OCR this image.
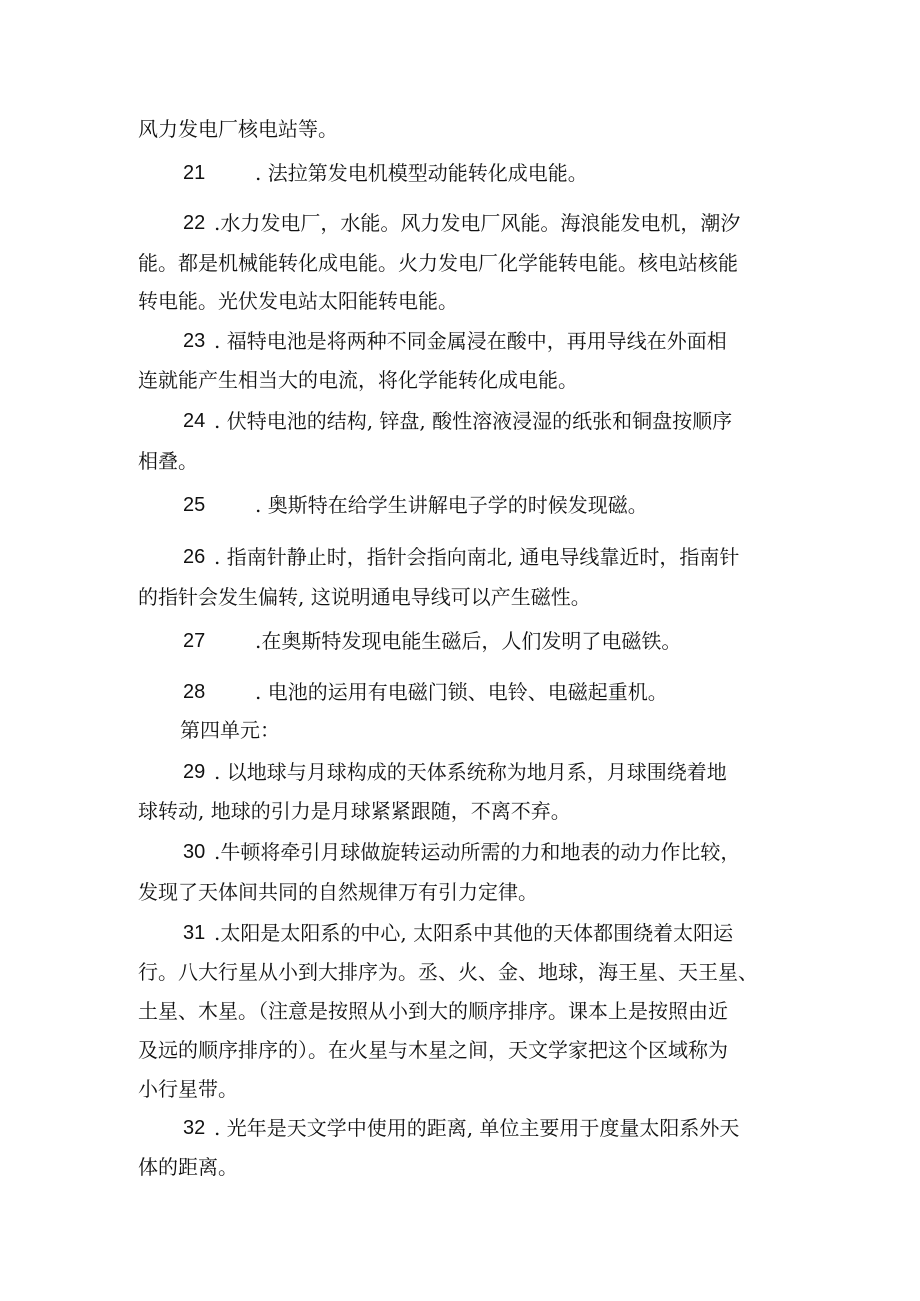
风力发电厂核电站等。
21 . 法拉第发电机模型动能转化成电能。
22 .水力发电厂，水能。风力发电厂风能。海浪能发电机，潮汐
能。都是机械能转化成电能。火力发电厂化学能转电能。核电站核能
转电能。光伏发电站太阳能转电能。
23 . 福特电池是将两种不同金属浸在酸中，再用导线在外面相
连就能产生相当大的电流，将化学能转化成电能。
24 . 伏特电池的结构, 锌盘, 酸性溶液浸湿的纸张和铜盘按顺序
相叠。
25 . 奥斯特在给学生讲解电子学的时候发现磁。
26 . 指南针静止时，指针会指向南北, 通电导线靠近时，指南针
的指针会发生偏转, 这说明通电导线可以产生磁性。
27 .在奥斯特发现电能生磁后，人们发明了电磁铁。
28 . 电池的运用有电磁门锁、电铃、电磁起重机。
第四单元：
29 . 以地球与月球构成的天体系统称为地月系，月球围绕着地
球转动, 地球的引力是月球紧紧跟随，不离不弃。
30 .牛顿将牵引月球做旋转运动所需的力和地表的动力作比较，
发现了天体间共同的自然规律万有引力定律。
31 .太阳是太阳系的中心, 太阳系中其他的天体都围绕着太阳运
行。八大行星从小到大排序为。丞、火、金、地球，海王星、天王星、
土星、木星。（注意是按照从小到大的顺序排序。课本上是按照由近
及远的顺序排序的）。在火星与木星之间，天文学家把这个区域称为
小行星带。
32 . 光年是天文学中使用的距离, 单位主要用于度量太阳系外天
体的距离。
